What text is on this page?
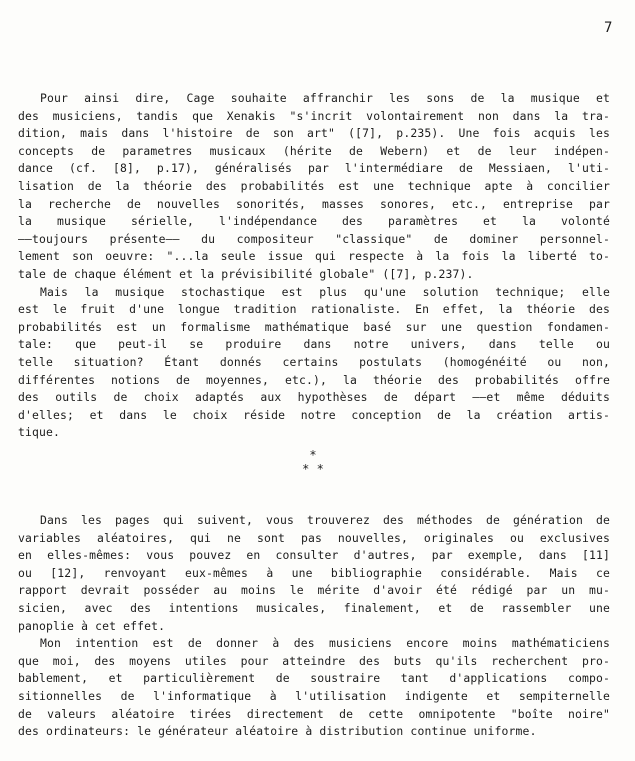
7
Pour ainsi dire, Cage souhaite affranchir les sons de la musique et
des musiciens, tandis que Xenakis "s'incrit volontairement non dans la tra-
dition, mais dans l'histoire de son art" ([7], p.235). Une fois acquis les
concepts de parametres musicaux (hérite de Webern) et de leur indépen-
dance (cf. [8], p.17), généralisés par l'intermédiare de Messiaen, l'uti-
lisation de la théorie des probabilités est une technique apte à concilier
la recherche de nouvelles sonorités, masses sonores, etc., entreprise par
la musique sérielle, l'indépendance des paramètres et la volonté
——toujours présente—— du compositeur "classique" de dominer personnel-
lement son oeuvre: "...la seule issue qui respecte à la fois la liberté to-
tale de chaque élément et la prévisibilité globale" ([7], p.237).
Mais la musique stochastique est plus qu'une solution technique; elle
est le fruit d'une longue tradition rationaliste. En effet, la théorie des
probabilités est un formalisme mathématique basé sur une question fondamen-
tale: que peut-il se produire dans notre univers, dans telle ou
telle situation? Étant donnés certains postulats (homogénéité ou non,
différentes notions de moyennes, etc.), la théorie des probabilités offre
des outils de choix adaptés aux hypothèses de départ ——et même déduits
d'elles; et dans le choix réside notre conception de la création artis-
tique.
*
* *
Dans les pages qui suivent, vous trouverez des méthodes de génération de
variables aléatoires, qui ne sont pas nouvelles, originales ou exclusives
en elles-mêmes: vous pouvez en consulter d'autres, par exemple, dans [11]
ou [12], renvoyant eux-mêmes à une bibliographie considérable. Mais ce
rapport devrait posséder au moins le mérite d'avoir été rédigé par un mu-
sicien, avec des intentions musicales, finalement, et de rassembler une
panoplie à cet effet.
Mon intention est de donner à des musiciens encore moins mathématiciens
que moi, des moyens utiles pour atteindre des buts qu'ils recherchent pro-
bablement, et particulièrement de soustraire tant d'applications compo-
sitionnelles de l'informatique à l'utilisation indigente et sempiternelle
de valeurs aléatoire tirées directement de cette omnipotente "boîte noire"
des ordinateurs: le générateur aléatoire à distribution continue uniforme.
